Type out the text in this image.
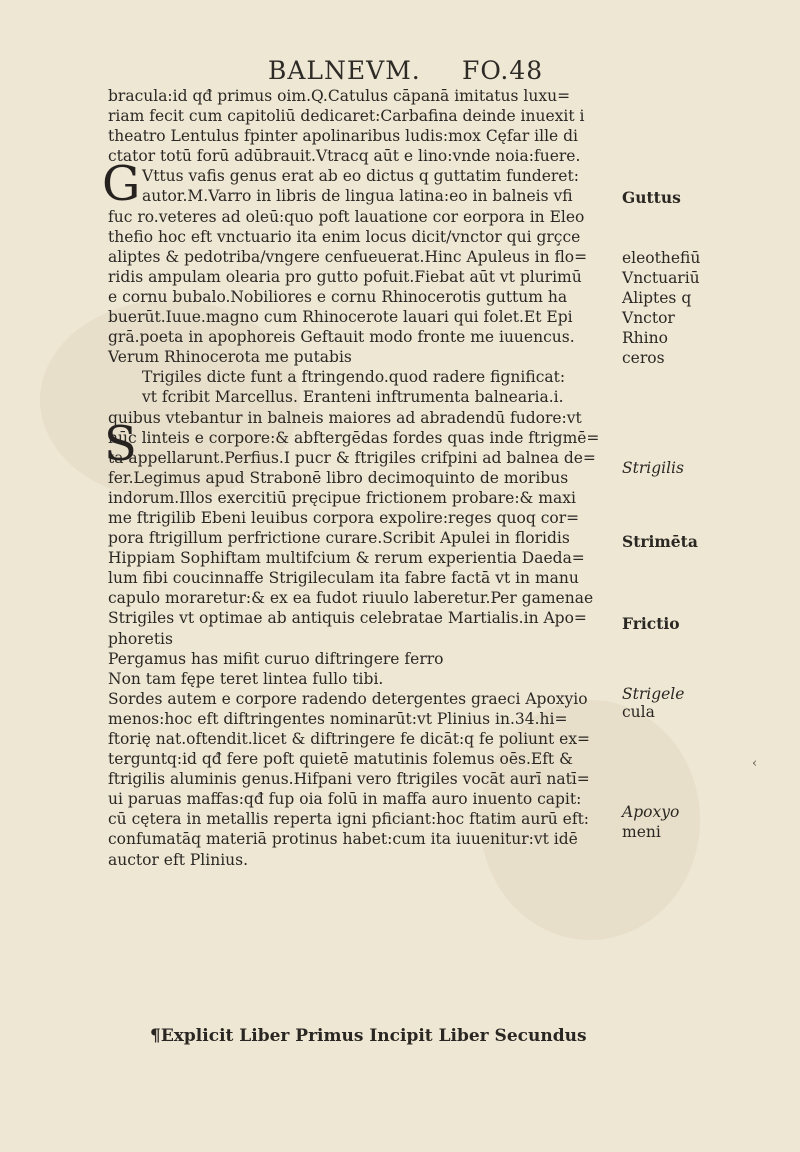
BALNEVM. FO.48
G
S
bracula:id qđ primus oim.Q.Catulus cāpanā imitatus luxu=
riam fecit cum capitoliū dedicaret:Carbafina deinde inuexit i
theatro Lentulus fpinter apolinaribus ludis:mox Cęfar ille di
ctator totū forū adūbrauit.Vtracq aūt e lino:vnde noia:fuere.
Vttus vafis genus erat ab eo dictus q guttatim funderet:
autor.M.Varro in libris de lingua latina:eo in balneis vfi
fuc ro.veteres ad oleū:quo poft lauatione cor eorpora in Eleo
thefio hoc eft vnctuario ita enim locus dicit/vnctor qui grçce
aliptes & pedotriba/vngere cenfueuerat.Hinc Apuleus in flo=
ridis ampulam olearia pro gutto pofuit.Fiebat aūt vt plurimū
e cornu bubalo.Nobiliores e cornu Rhinocerotis guttum ha
buerūt.Iuue.magno cum Rhinocerote lauari qui folet.Et Epi
grā.poeta in apophoreis Geftauit modo fronte me iuuencus.
Verum Rhinocerota me putabis
Trigiles dicte funt a ftringendo.quod radere fignificat:
vt fcribit Marcellus. Eranteni inftrumenta balnearia.i.
quibus vtebantur in balneis maiores ad abradendū fudore:vt
nūc linteis e corpore:& abftergēdas fordes quas inde ftrigmē=
ta appellarunt.Perfius.I pucr & ftrigiles crifpini ad balnea de=
fer.Legimus apud Strabonē libro decimoquinto de moribus
indorum.Illos exercitiū pręcipue frictionem probare:& maxi
me ftrigilib Ebeni leuibus corpora expolire:reges quoq cor=
pora ftrigillum perfrictione curare.Scribit Apulei in floridis
Hippiam Sophiftam multifcium & rerum experientia Daeda=
lum fibi coucinnaffe Strigileculam ita fabre factā vt in manu
capulo moraretur:& ex ea fudot riuulo laberetur.Per gamenae
Strigiles vt optimae ab antiquis celebratae Martialis.in Apo=
phoretis
Pergamus has mifit curuo diftringere ferro
Non tam fępe teret lintea fullo tibi.
Sordes autem e corpore radendo detergentes graeci Apoxyio
menos:hoc eft diftringentes nominarūt:vt Plinius in.34.hi=
ftorię nat.oftendit.licet & diftringere fe dicāt:q fe poliunt ex=
terguntq:id qđ fere poft quietē matutinis folemus oēs.Eft &
ftrigilis aluminis genus.Hifpani vero ftrigiles vocāt aurī natī=
ui paruas maffas:qđ fup oia folū in maffa auro inuento capit:
cū cętera in metallis reperta igni pficiant:hoc ftatim aurū eft:
confumatāq materiā protinus habet:cum ita iuuenitur:vt idē
auctor eft Plinius.
Guttus
eleothefiū
Vnctuariū
Aliptes q
Vnctor
Rhino
ceros
Strigilis
Strimēta
Frictio
Strigele
cula
Apoxyo
meni
‹
¶Explicit Liber Primus Incipit Liber Secundus
